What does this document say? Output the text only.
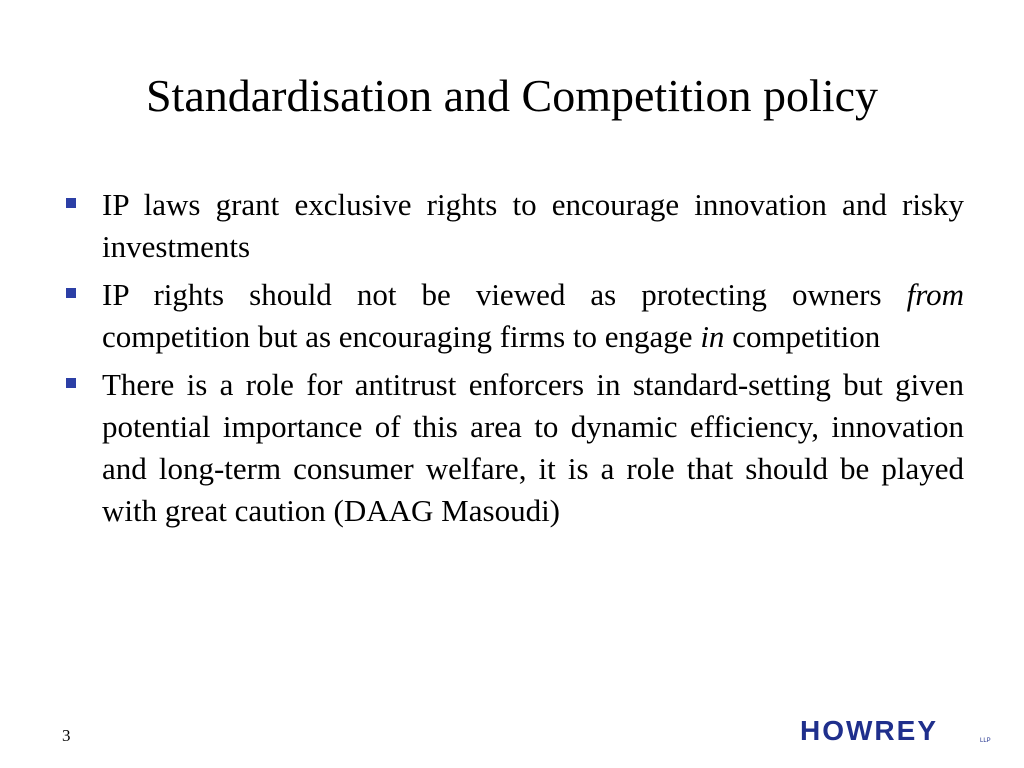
Standardisation and Competition policy
IP laws grant exclusive rights to encourage innovation and risky investments
IP rights should not be viewed as protecting owners from competition but as encouraging firms to engage in competition
There is a role for antitrust enforcers in standard-setting but given potential importance of this area to dynamic efficiency, innovation and long-term consumer welfare, it is a role that should be played with great caution (DAAG Masoudi)
3	HOWREY	LLP
